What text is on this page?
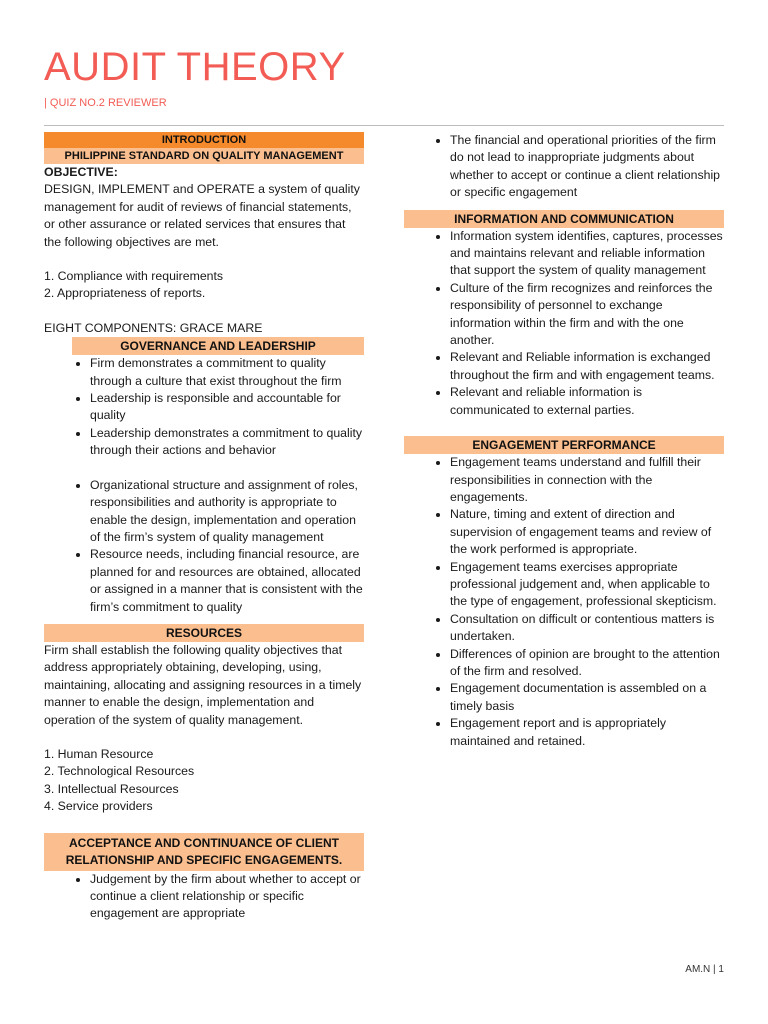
AUDIT THEORY
| QUIZ NO.2 REVIEWER
INTRODUCTION
PHILIPPINE STANDARD ON QUALITY MANAGEMENT

OBJECTIVE:

DESIGN, IMPLEMENT and OPERATE a system of quality management for audit of reviews of financial statements, or other assurance or related services that ensures that the following objectives are met.

1. Compliance with requirements

2. Appropriateness of reports.

EIGHT COMPONENTS: GRACE MARE

GOVERNANCE AND LEADERSHIP
• Firm demonstrates a commitment to quality through a culture that exist throughout the firm
• Leadership is responsible and accountable for quality
• Leadership demonstrates a commitment to quality through their actions and behavior
• Organizational structure and assignment of roles, responsibilities and authority is appropriate to enable the design, implementation and operation of the firm’s system of quality management
• Resource needs, including financial resource, are planned for and resources are obtained, allocated or assigned in a manner that is consistent with the firm’s commitment to quality
RESOURCES

Firm shall establish the following quality objectives that address appropriately obtaining, developing, using, maintaining, allocating and assigning resources in a timely manner to enable the design, implementation and operation of the system of quality management.

1. Human Resource

2. Technological Resources

3. Intellectual Resources

4. Service providers

ACCEPTANCE AND CONTINUANCE OF CLIENT RELATIONSHIP AND SPECIFIC ENGAGEMENTS.
• Judgement by the firm about whether to accept or continue a client relationship or specific engagement are appropriate
• The financial and operational priorities of the firm do not lead to inappropriate judgments about whether to accept or continue a client relationship or specific engagement
INFORMATION AND COMMUNICATION
• Information system identifies, captures, processes and maintains relevant and reliable information that support the system of quality management
• Culture of the firm recognizes and reinforces the responsibility of personnel to exchange information within the firm and with the one another.
• Relevant and Reliable information is exchanged throughout the firm and with engagement teams.
• Relevant and reliable information is communicated to external parties.
ENGAGEMENT PERFORMANCE
• Engagement teams understand and fulfill their responsibilities in connection with the engagements.
• Nature, timing and extent of direction and supervision of engagement teams and review of the work performed is appropriate.
• Engagement teams exercises appropriate professional judgement and, when applicable to the type of engagement, professional skepticism.
• Consultation on difficult or contentious matters is undertaken.
• Differences of opinion are brought to the attention of the firm and resolved.
• Engagement documentation is assembled on a timely basis
• Engagement report and is appropriately maintained and retained.
AM.N | 1
